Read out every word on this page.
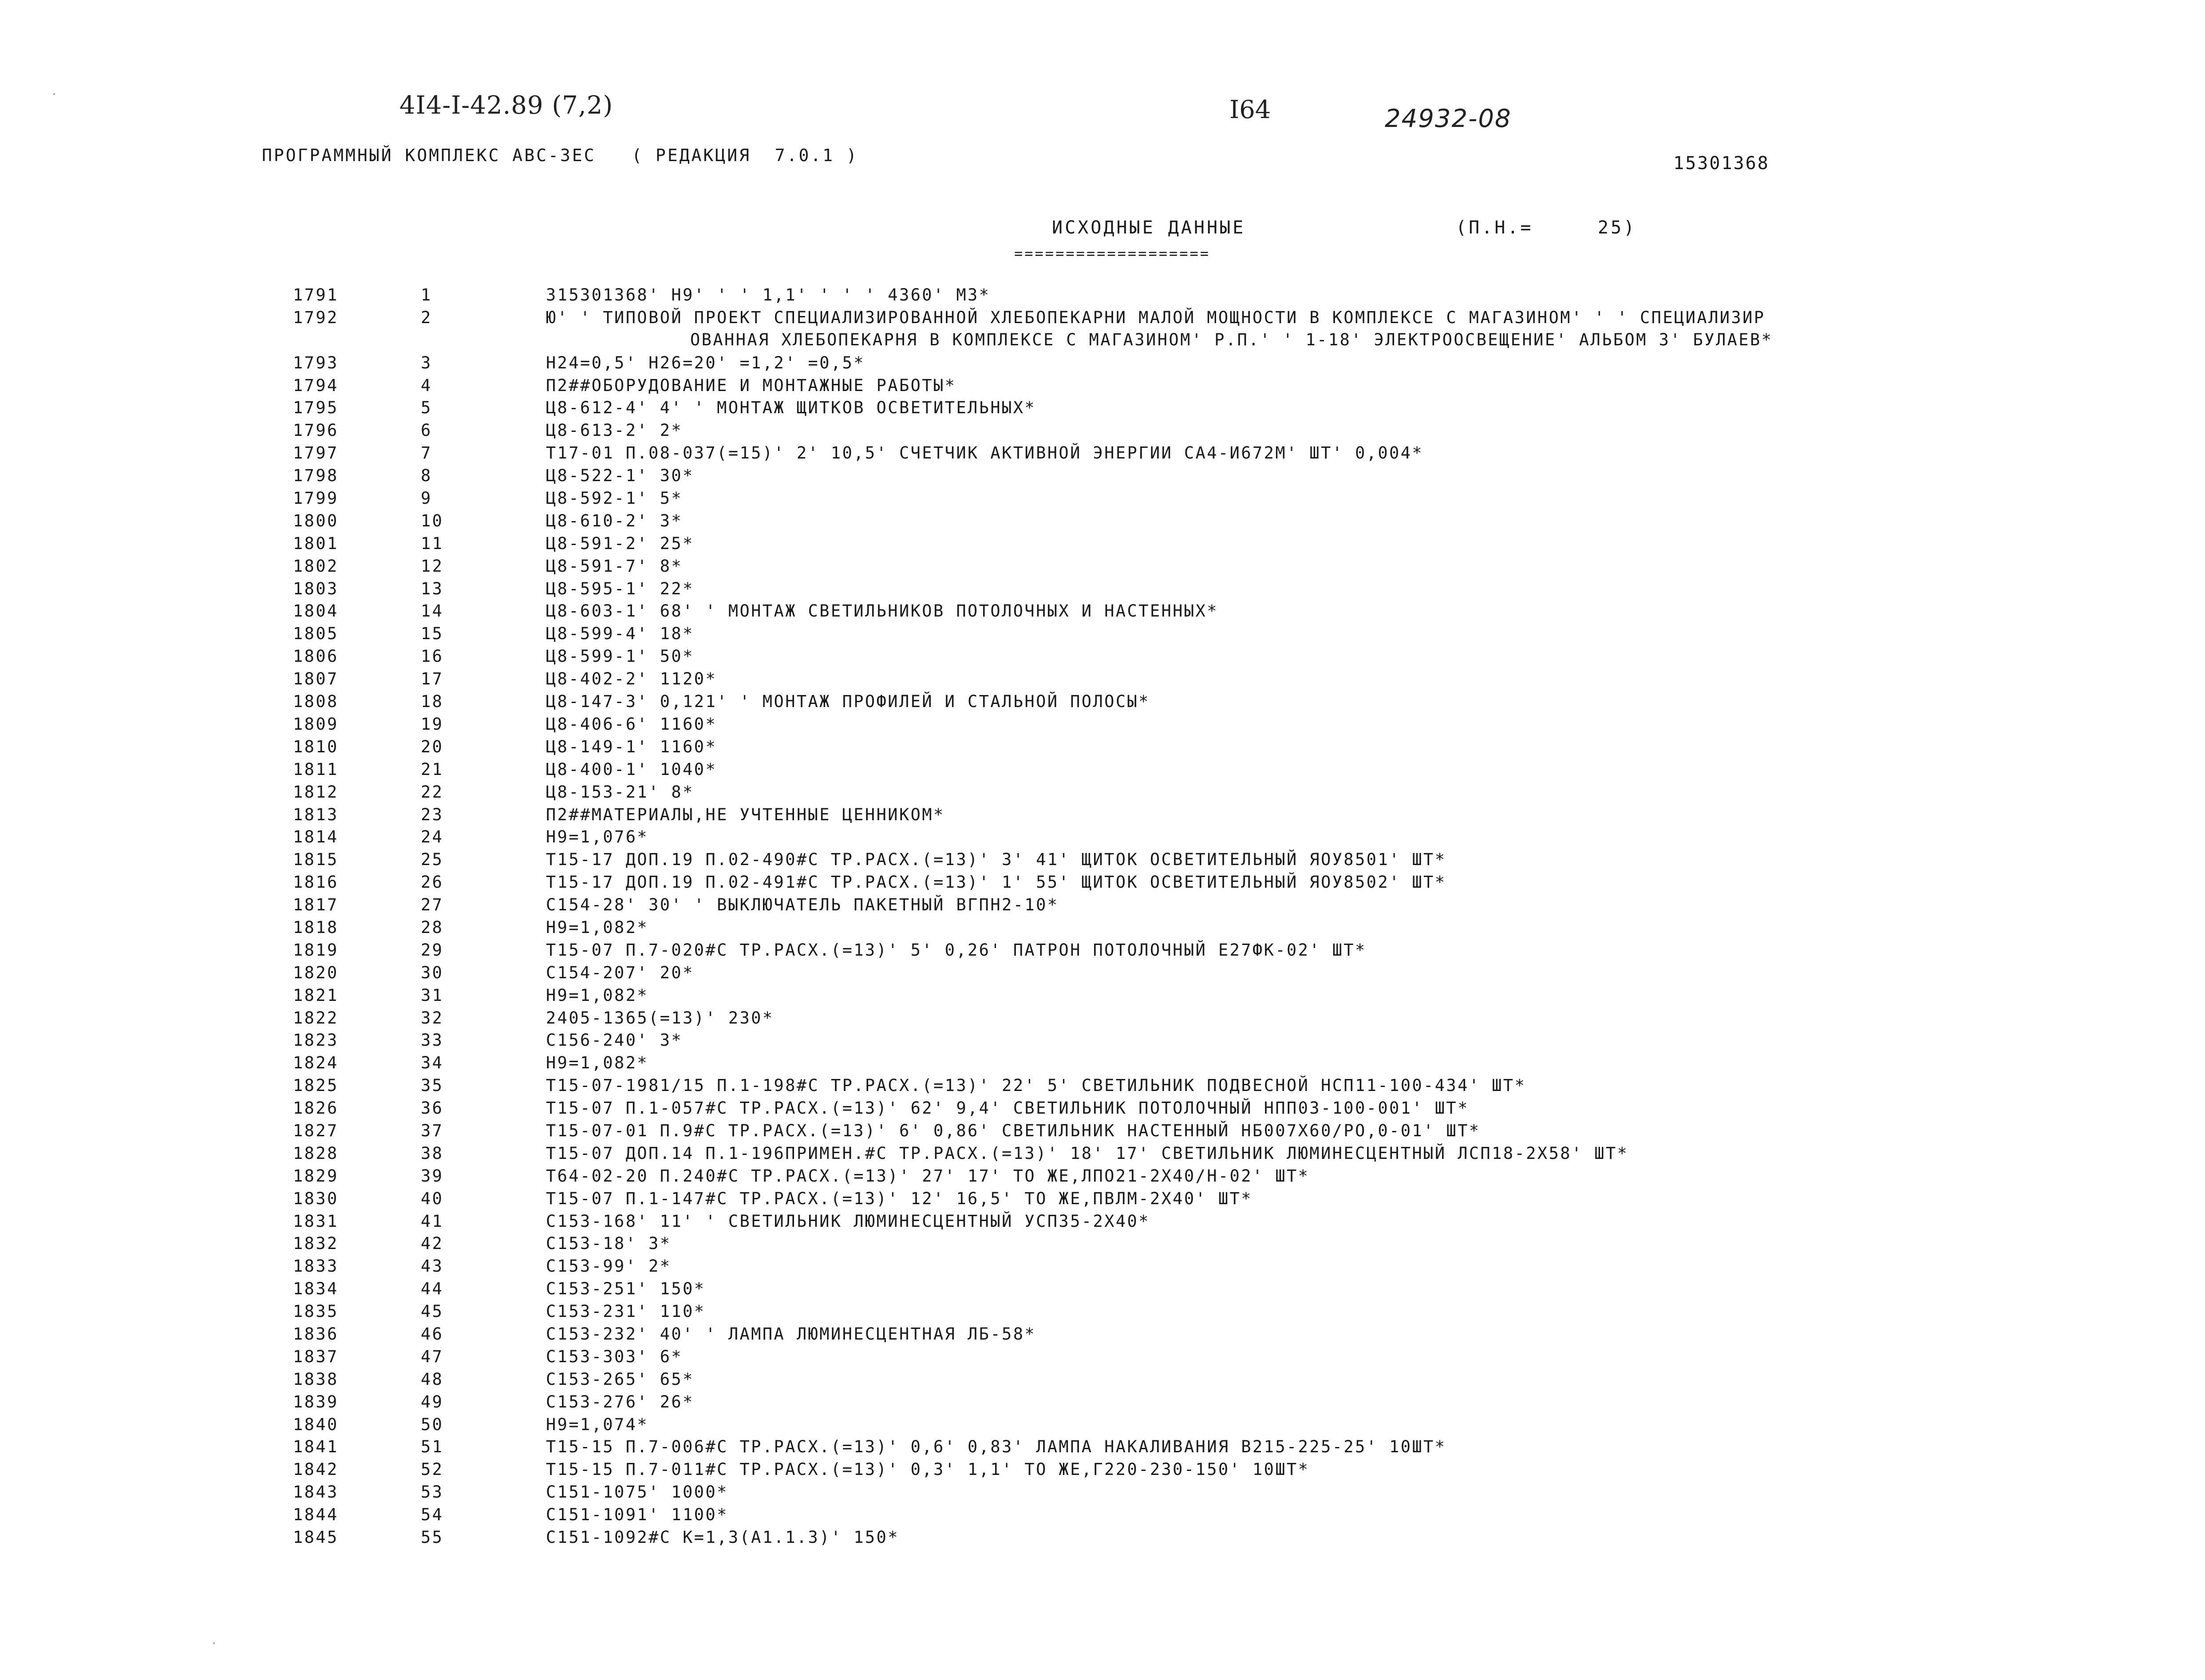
4I4-I-42.89 (7,2)	I64	24932-08
ПРОГРАММНЫЙ КОМПЛЕКС АВС-3ЕС   ( РЕДАКЦИЯ  7.0.1 )	15301368
ИСХОДНЫЕ ДАННЫЕ	(П.Н.=     25)
===================
1791	1	315301368' H9' ' ' 1,1' ' ' ' 4360' М3*
1792	2	Ю' ' ТИПОВОЙ ПРОЕКТ СПЕЦИАЛИЗИРОВАННОЙ ХЛЕБОПЕКАРНИ МАЛОЙ МОЩНОСТИ В КОМПЛЕКСЕ С МАГАЗИНОМ' ' ' СПЕЦИАЛИЗИР
ОВАННАЯ ХЛЕБОПЕКАРНЯ В КОМПЛЕКСЕ С МАГАЗИНОМ' Р.П.' ' 1-18' ЭЛЕКТРООСВЕЩЕНИЕ' АЛЬБОМ 3' БУЛАЕВ*
1793	3	H24=0,5' H26=20' =1,2' =0,5*
1794	4	П2##ОБОРУДОВАНИЕ И МОНТАЖНЫЕ РАБОТЫ*
1795	5	Ц8-612-4' 4' ' МОНТАЖ ЩИТКОВ ОСВЕТИТЕЛЬНЫХ*
1796	6	Ц8-613-2' 2*
1797	7	Т17-01 П.08-037(=15)' 2' 10,5' СЧЕТЧИК АКТИВНОЙ ЭНЕРГИИ СА4-И672М' ШТ' 0,004*
1798	8	Ц8-522-1' 30*
1799	9	Ц8-592-1' 5*
1800	10	Ц8-610-2' 3*
1801	11	Ц8-591-2' 25*
1802	12	Ц8-591-7' 8*
1803	13	Ц8-595-1' 22*
1804	14	Ц8-603-1' 68' ' МОНТАЖ СВЕТИЛЬНИКОВ ПОТОЛОЧНЫХ И НАСТЕННЫХ*
1805	15	Ц8-599-4' 18*
1806	16	Ц8-599-1' 50*
1807	17	Ц8-402-2' 1120*
1808	18	Ц8-147-3' 0,121' ' МОНТАЖ ПРОФИЛЕЙ И СТАЛЬНОЙ ПОЛОСЫ*
1809	19	Ц8-406-6' 1160*
1810	20	Ц8-149-1' 1160*
1811	21	Ц8-400-1' 1040*
1812	22	Ц8-153-21' 8*
1813	23	П2##МАТЕРИАЛЫ,НЕ УЧТЕННЫЕ ЦЕННИКОМ*
1814	24	H9=1,076*
1815	25	Т15-17 ДОП.19 П.02-490#С ТР.РАСХ.(=13)' 3' 41' ЩИТОК ОСВЕТИТЕЛЬНЫЙ ЯОУ8501' ШТ*
1816	26	Т15-17 ДОП.19 П.02-491#С ТР.РАСХ.(=13)' 1' 55' ЩИТОК ОСВЕТИТЕЛЬНЫЙ ЯОУ8502' ШТ*
1817	27	С154-28' 30' ' ВЫКЛЮЧАТЕЛЬ ПАКЕТНЫЙ ВГПН2-10*
1818	28	H9=1,082*
1819	29	Т15-07 П.7-020#С ТР.РАСХ.(=13)' 5' 0,26' ПАТРОН ПОТОЛОЧНЫЙ Е27ФК-02' ШТ*
1820	30	С154-207' 20*
1821	31	H9=1,082*
1822	32	2405-1365(=13)' 230*
1823	33	С156-240' 3*
1824	34	H9=1,082*
1825	35	Т15-07-1981/15 П.1-198#С ТР.РАСХ.(=13)' 22' 5' СВЕТИЛЬНИК ПОДВЕСНОЙ НСП11-100-434' ШТ*
1826	36	Т15-07 П.1-057#С ТР.РАСХ.(=13)' 62' 9,4' СВЕТИЛЬНИК ПОТОЛОЧНЫЙ НПП03-100-001' ШТ*
1827	37	Т15-07-01 П.9#С ТР.РАСХ.(=13)' 6' 0,86' СВЕТИЛЬНИК НАСТЕННЫЙ НБ007Х60/РО,0-01' ШТ*
1828	38	Т15-07 ДОП.14 П.1-196ПРИМЕН.#С ТР.РАСХ.(=13)' 18' 17' СВЕТИЛЬНИК ЛЮМИНЕСЦЕНТНЫЙ ЛСП18-2Х58' ШТ*
1829	39	Т64-02-20 П.240#С ТР.РАСХ.(=13)' 27' 17' ТО ЖЕ,ЛПО21-2Х40/Н-02' ШТ*
1830	40	Т15-07 П.1-147#С ТР.РАСХ.(=13)' 12' 16,5' ТО ЖЕ,ПВЛМ-2Х40' ШТ*
1831	41	С153-168' 11' ' СВЕТИЛЬНИК ЛЮМИНЕСЦЕНТНЫЙ УСП35-2Х40*
1832	42	С153-18' 3*
1833	43	С153-99' 2*
1834	44	С153-251' 150*
1835	45	С153-231' 110*
1836	46	С153-232' 40' ' ЛАМПА ЛЮМИНЕСЦЕНТНАЯ ЛБ-58*
1837	47	С153-303' 6*
1838	48	С153-265' 65*
1839	49	С153-276' 26*
1840	50	H9=1,074*
1841	51	Т15-15 П.7-006#С ТР.РАСХ.(=13)' 0,6' 0,83' ЛАМПА НАКАЛИВАНИЯ В215-225-25' 10ШТ*
1842	52	Т15-15 П.7-011#С ТР.РАСХ.(=13)' 0,3' 1,1' ТО ЖЕ,Г220-230-150' 10ШТ*
1843	53	С151-1075' 1000*
1844	54	С151-1091' 1100*
1845	55	С151-1092#С К=1,3(А1.1.3)' 150*
